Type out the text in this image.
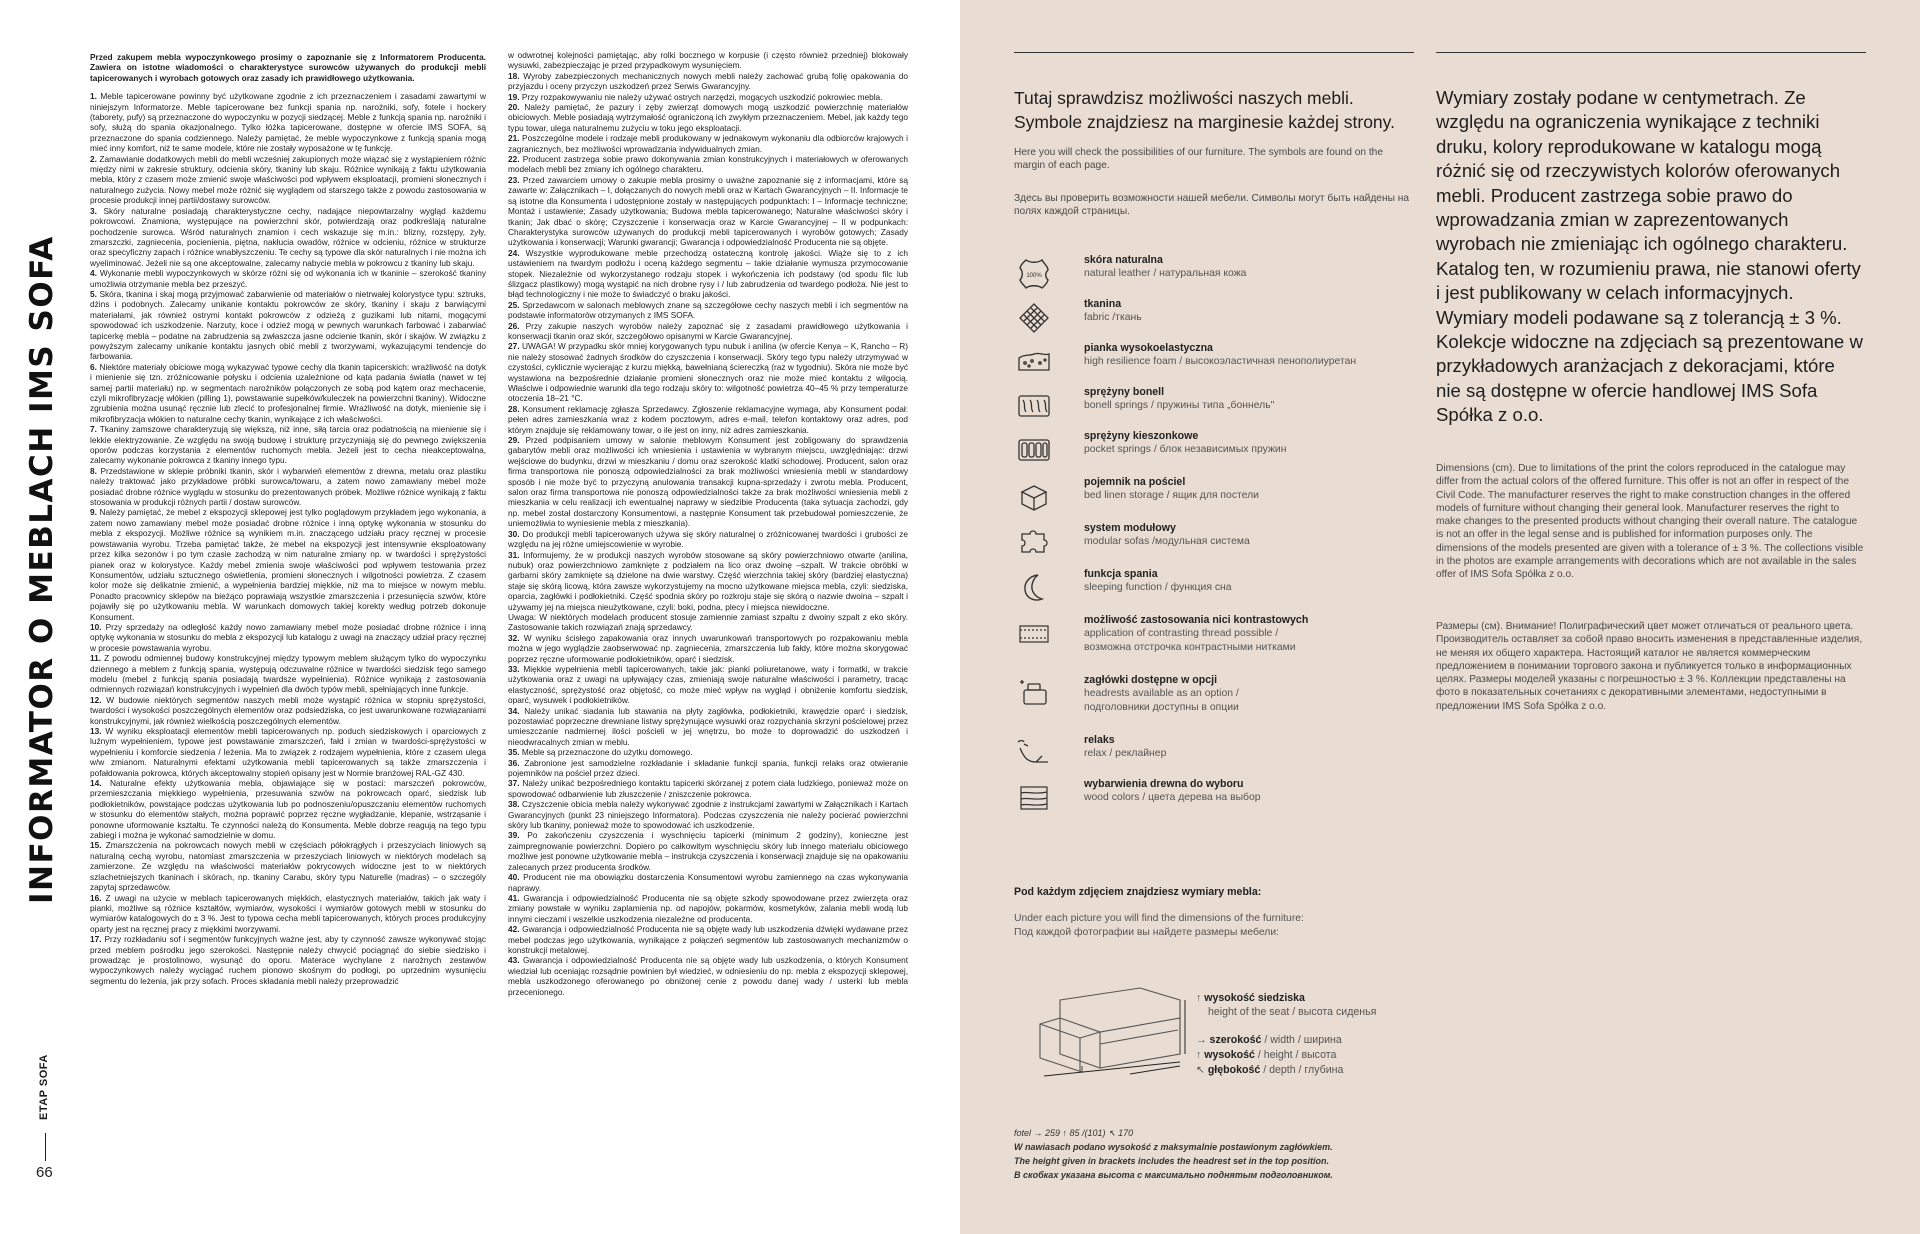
INFORMATOR O MEBLACH IMS SOFA
ETAP SOFA
66

Przed zakupem mebla wypoczynkowego prosimy o zapoznanie się z Informatorem Producenta. Zawiera on istotne wiadomości o charakterystyce surowców używanych do produkcji mebli tapicerowanych i wyrobach gotowych oraz zasady ich prawidłowego użytkowania.

1. Meble tapicerowane powinny być użytkowane zgodnie z ich przeznaczeniem i zasadami zawartymi w niniejszym Informatorze. Meble tapicerowane bez funkcji spania np. narożniki, sofy, fotele i hockery (taborety, pufy) są przeznaczone do wypoczynku w pozycji siedzącej. Meble z funkcją spania np. narożniki i sofy, służą do spania okazjonalnego. Tylko łóżka tapicerowane, dostępne w ofercie IMS SOFA, są przeznaczone do spania codziennego. Należy pamiętać, że meble wypoczynkowe z funkcją spania mogą mieć inny komfort, niż te same modele, które nie zostały wyposażone w tę funkcję.

2. Zamawianie dodatkowych mebli do mebli wcześniej zakupionych może wiązać się z wystąpieniem różnic między nimi w zakresie struktury, odcienia skóry, tkaniny lub skaju. Różnice wynikają z faktu użytkowania mebla, który z czasem może zmienić swoje właściwości pod wpływem eksploatacji, promieni słonecznych i naturalnego zużycia. Nowy mebel może różnić się wyglądem od starszego także z powodu zastosowania w procesie produkcji innej partii/dostawy surowców.

3. Skóry naturalne posiadają charakterystyczne cechy, nadające niepowtarzalny wygląd każdemu pokrowcowi. Znamiona, występujące na powierzchni skór, potwierdzają oraz podkreślają naturalne pochodzenie surowca. Wśród naturalnych znamion i cech wskazuje się m.in.: blizny, rozstępy, żyły, zmarszczki, zagniecenia, pocienienia, piętna, nakłucia owadów, różnice w odcieniu, różnice w strukturze oraz specyficzny zapach i różnice wnabłyszczeniu. Te cechy są typowe dla skór naturalnych i nie można ich wyeliminować. Jeżeli nie są one akceptowalne, zalecamy nabycie mebla w pokrowcu z tkaniny lub skaju.

4. Wykonanie mebli wypoczynkowych w skórze różni się od wykonania ich w tkaninie – szerokość tkaniny umożliwia otrzymanie mebla bez przeszyć.

5. Skóra, tkanina i skaj mogą przyjmować zabarwienie od materiałów o nietrwałej kolorystyce typu: sztruks, dżins i podobnych. Zalecamy unikanie kontaktu pokrowców ze skóry, tkaniny i skaju z barwiącymi materiałami, jak również ostrymi kontakt pokrowców z odzieżą z guzikami lub nitami, mogącymi spowodować ich uszkodzenie. Narzuty, koce i odzież mogą w pewnych warunkach farbować i zabarwiać tapicerkę mebla – podatne na zabrudzenia są zwłaszcza jasne odcienie tkanin, skór i skajów. W związku z powyższym zalecamy unikanie kontaktu jasnych obić mebli z tworzywami, wykazującymi tendencje do farbowania.

6. Niektóre materiały obiciowe mogą wykazywać typowe cechy dla tkanin tapicerskich: wrażliwość na dotyk i mienienie się tzn. zróżnicowanie połysku i odcienia uzależnione od kąta padania światła (nawet w tej samej partii materiału) np. w segmentach narożników połączonych ze sobą pod kątem oraz mechacenie, czyli mikrofibryzację włókien (pilling 1), powstawanie supełków/kuleczek na powierzchni tkaniny). Widoczne zgrubienia można usunąć ręcznie lub zlecić to profesjonalnej firmie. Wrażliwość na dotyk, mienienie się i mikrofibryzacja włókien to naturalne cechy tkanin, wynikające z ich właściwości.

7. Tkaniny zamszowe charakteryzują się większą, niż inne, siłą tarcia oraz podatnością na mienienie się i lekkie elektryzowanie. Ze względu na swoją budowę i strukturę przyczyniają się do pewnego zwiększenia oporów podczas korzystania z elementów ruchomych mebla. Jeżeli jest to cecha nieakceptowalna, zalecamy wykonanie pokrowca z tkaniny innego typu.

8. Przedstawione w sklepie próbniki tkanin, skór i wybarwień elementów z drewna, metalu oraz plastiku należy traktować jako przykładowe próbki surowca/towaru, a zatem nowo zamawiany mebel może posiadać drobne różnice wyglądu w stosunku do prezentowanych próbek. Możliwe różnice wynikają z faktu stosowania w produkcji różnych partii / dostaw surowców.

9. Należy pamiętać, że mebel z ekspozycji sklepowej jest tylko poglądowym przykładem jego wykonania, a zatem nowo zamawiany mebel może posiadać drobne różnice i inną optykę wykonania w stosunku do mebla z ekspozycji. Możliwe różnice są wynikiem m.in. znaczącego udziału pracy ręcznej w procesie powstawania wyrobu. Trzeba pamiętać także, że mebel na ekspozycji jest intensywnie eksploatowany przez kilka sezonów i po tym czasie zachodzą w nim naturalne zmiany np. w twardości i sprężystości pianek oraz w kolorystyce. Każdy mebel zmienia swoje właściwości pod wpływem testowania przez Konsumentów, udziału sztucznego oświetlenia, promieni słonecznych i wilgotności powietrza. Z czasem kolor może się delikatnie zmienić, a wypełnienia bardziej miękkie, niż ma to miejsce w nowym meblu. Ponadto pracownicy sklepów na bieżąco poprawiają wszystkie zmarszczenia i przesunięcia szwów, które pojawiły się po użytkowaniu mebla. W warunkach domowych takiej korekty według potrzeb dokonuje Konsument.

10. Przy sprzedaży na odległość każdy nowo zamawiany mebel może posiadać drobne różnice i inną optykę wykonania w stosunku do mebla z ekspozycji lub katalogu z uwagi na znaczący udział pracy ręcznej w procesie powstawania wyrobu.

11. Z powodu odmiennej budowy konstrukcyjnej między typowym meblem służącym tylko do wypoczynku dziennego a meblem z funkcją spania, występują odczuwalne różnice w twardości siedzisk tego samego modelu (mebel z funkcją spania posiadają twardsze wypełnienia). Różnice wynikają z zastosowania odmiennych rozwiązań konstrukcyjnych i wypełnień dla dwóch typów mebli, spełniających inne funkcje.

12. W budowie niektórych segmentów naszych mebli może wystąpić różnica w stopniu sprężystości, twardości i wysokości poszczególnych elementów oraz podsiedziska, co jest uwarunkowane rozwiązaniami konstrukcyjnymi, jak również wielkością poszczególnych elementów.

13. W wyniku eksploatacji elementów mebli tapicerowanych np. poduch siedziskowych i oparciowych z luźnym wypełnieniem, typowe jest powstawanie zmarszczeń, fałd i zmian w twardości-sprężystości w wypełnieniu i komforcie siedzenia / leżenia. Ma to związek z rodzajem wypełnienia, które z czasem ulega w/w zmianom. Naturalnymi efektami użytkowania mebli tapicerowanych są także zmarszczenia i pofałdowania pokrowca, których akceptowalny stopień opisany jest w Normie branżowej RAL-GZ 430.

14. Naturalne efekty użytkowania mebla, objawiające się w postaci: marszczeń pokrowców, przemieszczania miękkiego wypełnienia, przesuwania szwów na pokrowcach oparć, siedzisk lub podłokietników, powstające podczas użytkowania lub po podnoszeniu/opuszczaniu elementów ruchomych w stosunku do elementów stałych, można poprawić poprzez ręczne wygładzanie, klepanie, wstrząsanie i ponowne uformowanie kształtu. Te czynności należą do Konsumenta. Meble dobrze reagują na tego typu zabiegi i można je wykonać samodzielnie w domu.

15. Zmarszczenia na pokrowcach nowych mebli w częściach półokrągłych i przeszyciach liniowych są naturalną cechą wyrobu, natomiast zmarszczenia w przeszyciach liniowych w niektórych modelach są zamierzone. Ze względu na właściwości materiałów pokrycowych widoczne jest to w niektórych szlachetniejszych tkaninach i skórach, np. tkaniny Carabu, skóry typu Naturelle (madras) – o szczególy zapytaj sprzedawców.

16. Z uwagi na użycie w meblach tapicerowanych miękkich, elastycznych materiałów, takich jak waty i pianki, możliwe są różnice kształtów, wymiarów, wysokości i wymiarów gotowych mebli w stosunku do wymiarów katalogowych do ± 3 %. Jest to typowa cecha mebli tapicerowanych, których proces produkcyjny oparty jest na ręcznej pracy z miękkimi tworzywami.

17. Przy rozkładaniu sof i segmentów funkcyjnych ważne jest, aby ty czynność zawsze wykonywać stojąc przed meblem pośrodku jego szerokości. Następnie należy chwycić pociągnąć do siebie siedzisko i prowadząc je prostolinowo, wysunąć do oporu. Materace wychylane z narożnych zestawów wypoczynkowych należy wyciągać ruchem pionowo skośnym do podłogi, po uprzednim wysunięciu segmentu do leżenia, jak przy sofach. Proces składania mebli należy przeprowadzić

w odwrotnej kolejności pamiętając, aby rolki bocznego w korpusie (i często również przedniej) blokowały wysuwki, zabezpieczając je przed przypadkowym wysunięciem.

18. Wyroby zabezpieczonych mechanicznych nowych mebli należy zachować grubą folię opakowania do przyjazdu i oceny przyczyn uszkodzeń przez Serwis Gwarancyjny.

19. Przy rozpakowywaniu nie należy używać ostrych narzędzi, mogących uszkodzić pokrowiec mebla.

20. Należy pamiętać, że pazury i zęby zwierząt domowych mogą uszkodzić powierzchnię materiałów obiciowych. Meble posiadają wytrzymałość ograniczoną ich zwykłym przeznaczeniem. Mebel, jak każdy tego typu towar, ulega naturalnemu zużyciu w toku jego eksploatacji.

21. Poszczególne modele i rodzaje mebli produkowany w jednakowym wykonaniu dla odbiorców krajowych i zagranicznych, bez możliwości wprowadzania indywidualnych zmian.

22. Producent zastrzega sobie prawo dokonywania zmian konstrukcyjnych i materiałowych w oferowanych modelach mebli bez zmiany ich ogólnego charakteru.

23. Przed zawarciem umowy o zakupie mebla prosimy o uważne zapoznanie się z informacjami, które są zawarte w: Załącznikach – I, dołączanych do nowych mebli oraz w Kartach Gwarancyjnych – II. Informacje te są istotne dla Konsumenta i udostępnione zostały w następujących podpunktach: I – Informacje techniczne; Montaż i ustawienie; Zasady użytkowania; Budowa mebla tapicerowanego; Naturalne właściwości skóry i tkanin; Jak dbać o skórę; Czyszczenie i konserwacja oraz w Karcie Gwarancyjnej – II w podpunkach: Charakterystyka surowców używanych do produkcji mebli tapicerowanych i wyrobów gotowych; Zasady użytkowania i konserwacji; Warunki gwarancji; Gwarancja i odpowiedzialność Producenta nie są objęte.

24. Wszystkie wyprodukowane meble przechodzą ostateczną kontrolę jakości. Wiąże się to z ich ustawieniem na twardym podłożu i oceną każdego segmentu – takie działanie wymusza przymocowanie stopek. Niezależnie od wykorzystanego rodzaju stopek i wykończenia ich podstawy (od spodu filc lub ślizgacz plastikowy) mogą wystąpić na nich drobne rysy i / lub zabrudzenia od twardego podłoża. Nie jest to błąd technologiczny i nie może to świadczyć o braku jakości.

25. Sprzedawcom w salonach meblowych znane są szczegółowe cechy naszych mebli i ich segmentów na podstawie informatorów otrzymanych z IMS SOFA.

26. Przy zakupie naszych wyrobów należy zapoznać się z zasadami prawidłowego użytkowania i konserwacji tkanin oraz skór, szczegółowo opisanymi w Karcie Gwarancyjnej.

27. UWAGA! W przypadku skór mniej korygowanych typu nubuk i anilina (w ofercie Kenya – K, Rancho – R) nie należy stosować żadnych środków do czyszczenia i konserwacji. Skóry tego typu należy utrzymywać w czystości, cyklicznie wycierając z kurzu miękką, bawełnianą ściereczką (raz w tygodniu). Skóra nie może być wystawiona na bezpośrednie działanie promieni słonecznych oraz nie może mieć kontaktu z wilgocią. Właściwe i odpowiednie warunki dla tego rodzaju skóry to: wilgotność powietrza 40–45 % przy temperaturze otoczenia 18–21 °C.

28. Konsument reklamację zgłasza Sprzedawcy. Zgłoszenie reklamacyjne wymaga, aby Konsument podał: pełen adres zamieszkania wraz z kodem pocztowym, adres e-mail, telefon kontaktowy oraz adres, pod którym znajduje się reklamowany towar, o ile jest on inny, niż adres zamieszkania.

29. Przed podpisaniem umowy w salonie meblowym Konsument jest zobligowany do sprawdzenia gabarytów mebli oraz możliwości ich wniesienia i ustawienia w wybranym miejscu, uwzględniając: drzwi wejściowe do budynku, drzwi w mieszkaniu / domu oraz szerokość klatki schodowej. Producent, salon oraz firma transportowa nie ponoszą odpowiedzialności za brak możliwości wniesienia mebli w standardowy sposób i nie może być to przyczyną anulowania transakcji kupna-sprzedaży i zwrotu mebla. Producent, salon oraz firma transportowa nie ponoszą odpowiedzialności także za brak możliwości wniesienia mebli z mieszkania w celu realizacji ich ewentualnej naprawy w siedzibie Producenta (taka sytuacja zachodzi, gdy np. mebel został dostarczony Konsumentowi, a następnie Konsument tak przebudował pomieszczenie, że uniemożliwia to wyniesienie mebla z mieszkania).

30. Do produkcji mebli tapicerowanych używa się skóry naturalnej o zróżnicowanej twardości i grubości ze względu na jej różne umiejscowienie w wyrobie.

31. Informujemy, że w produkcji naszych wyrobów stosowane są skóry powierzchniowo otwarte (anilina, nubuk) oraz powierzchniowo zamknięte z podziałem na lico oraz dwoinę –szpalt. W trakcie obróbki w garbarni skóry zamknięte są dzielone na dwie warstwy. Część wierzchnia takiej skóry (bardziej elastyczna) staje się skórą licową, która zawsze wykorzystujemy na mocno użytkowane miejsca mebla, czyli: siedziska, oparcia, zagłówki i podłokietniki. Część spodnia skóry po rozkroju staje się skórą o nazwie dwoina – szpalt i używamy jej na miejsca nieużytkowane, czyli: boki, podna, plecy i miejsca niewidoczne.

Uwaga: W niektórych modelach producent stosuje zamiennie zamiast szpaltu z dwoiny szpalt z eko skóry. Zastosowanie takich rozwiązań znają sprzedawcy.

32. W wyniku ścisłego zapakowania oraz innych uwarunkowań transportowych po rozpakowaniu mebla można w jego wyglądzie zaobserwować np. zagniecenia, zmarszczenia lub fałdy, które można skorygować poprzez ręczne uformowanie podłokietników, oparć i siedzisk.

33. Miękkie wypełnienia mebli tapicerowanych, takie jak: pianki poliuretanowe, waty i formatki, w trakcie użytkowania oraz z uwagi na upływający czas, zmieniają swoje naturalne właściwości i parametry, tracąc elastyczność, sprężystość oraz objętość, co może mieć wpływ na wygląd i obniżenie komfortu siedzisk, oparć, wysuwek i podłokietników.

34. Należy unikać siadania lub stawania na płyty zagłówka, podłokietniki, krawędzie oparć i siedzisk, pozostawiać poprzeczne drewniane listwy sprężynujące wysuwki oraz rozpychania skrzyni pościelowej przez umieszczanie nadmiernej ilości pościeli w jej wnętrzu, bo może to doprowadzić do uszkodzeń i nieodwracalnych zmian w meblu.

35. Meble są przeznaczone do użytku domowego.

36. Zabronione jest samodzielne rozkładanie i składanie funkcji spania, funkcji relaks oraz otwieranie pojemników na pościel przez dzieci.

37. Należy unikać bezpośredniego kontaktu tapicerki skórzanej z potem ciała ludzkiego, ponieważ może on spowodować odbarwienie lub złuszczenie / zniszczenie pokrowca.

38. Czyszczenie obicia mebla należy wykonywać zgodnie z instrukcjami zawartymi w Załącznikach i Kartach Gwarancyjnych (punkt 23 niniejszego Informatora). Podczas czyszczenia nie należy pocierać powierzchni skóry lub tkaniny, ponieważ może to spowodować ich uszkodzenie.

39. Po zakończeniu czyszczenia i wyschnięciu tapicerki (minimum 2 godziny), konieczne jest zaimpregnowanie powierzchni. Dopiero po całkowitym wyschnięciu skóry lub innego materiału obiciowego możliwe jest ponowne użytkowanie mebla – instrukcja czyszczenia i konserwacji znajduje się na opakowaniu zalecanych przez producenta środków.

40. Producent nie ma obowiązku dostarczenia Konsumentowi wyrobu zamiennego na czas wykonywania naprawy.

41. Gwarancja i odpowiedzialność Producenta nie są objęte szkody spowodowane przez zwierzęta oraz zmiany powstałe w wyniku zaplamienia np. od napojów, pokarmów, kosmetyków, zalania mebli wodą lub innymi cieczami i wszelkie uszkodzenia niezależne od producenta.

42. Gwarancja i odpowiedzialność Producenta nie są objęte wady lub uszkodzenia dźwięki wydawane przez mebel podczas jego użytkowania, wynikające z połączeń segmentów lub zastosowanych mechanizmów o konstrukcji metalowej.

43. Gwarancja i odpowiedzialność Producenta nie są objęte wady lub uszkodzenia, o których Konsument wiedział lub oceniając rozsądnie powinien był wiedzieć, w odniesieniu do np. mebla z ekspozycji sklepowej, mebla uszkodzonego oferowanego po obniżonej cenie z powodu danej wady / usterki lub mebla przecenionego.

Tutaj sprawdzisz możliwości naszych mebli. Symbole znajdziesz na marginesie każdej strony.
Here you will check the possibilities of our furniture. The symbols are found on the margin of each page.
Здесь вы проверить возможности нашей мебели. Символы могут быть найдены на полях каждой страницы.
100%
skóra naturalna
natural leather / натуральная кожа
tkanina
fabric /ткань
pianka wysokoelastyczna
high resilience foam / высокоэластичная пенополиуретан
sprężyny bonell
bonell springs / пружины типа „боннель"
sprężyny kieszonkowe
pocket springs / блок независимых пружин
pojemnik na pościel
bed linen storage / ящик для постели
system modułowy
modular sofas /модульная система
funkcja spania
sleeping function / функция сна
możliwość zastosowania nici kontrastowych
application of contrasting thread possible /
возможна отстрочка контрастными нитками
zagłówki dostępne w opcji
headrests available as an option /
подголовники доступны в опции
relaks
relax / реклайнер
wybarwienia drewna do wyboru
wood colors / цвета дерева на выбор
Pod każdym zdjęciem znajdziesz wymiary mebla:
Under each picture you will find the dimensions of the furniture:
Под каждой фотографии вы найдете размеры мебели:
↑ wysokość siedziska
height of the seat / высота сиденья
→ szerokość / width / ширина
↑ wysokość / height / высота
↖ głębokość / depth / глубина
fotel → 259 ↑ 85 /(101) ↖ 170
W nawiasach podano wysokość z maksymalnie postawionym zagłówkiem.
The height given in brackets includes the headrest set in the top position.
В скобках указана высота с максимально поднятым подголовником.
Wymiary zostały podane w centymetrach. Ze względu na ograniczenia wynikające z techniki druku, kolory reprodukowane w katalogu mogą różnić się od rzeczywistych kolorów oferowanych mebli. Producent zastrzega sobie prawo do wprowadzania zmian w zaprezentowanych wyrobach nie zmieniając ich ogólnego charakteru. Katalog ten, w rozumieniu prawa, nie stanowi oferty i jest publikowany w celach informacyjnych. Wymiary modeli podawane są z tolerancją ± 3 %. Kolekcje widoczne na zdjęciach są prezentowane w przykładowych aranżacjach z dekoracjami, które nie są dostępne w ofercie handlowej IMS Sofa Spółka z o.o.
Dimensions (cm). Due to limitations of the print the colors reproduced in the catalogue may differ from the actual colors of the offered furniture. This offer is not an offer in respect of the Civil Code. The manufacturer reserves the right to make construction changes in the offered models of furniture without changing their general look. Manufacturer reserves the right to make changes to the presented products without changing their overall nature. The catalogue is not an offer in the legal sense and is published for information purposes only. The dimensions of the models presented are given with a tolerance of ± 3 %. The collections visible in the photos are example arrangements with decorations which are not available in the sales offer of IMS Sofa Spółka z o.o.
Размеры (см). Внимание! Полиграфический цвет может отличаться от реального цвета. Производитель оставляет за собой право вносить изменения в представленные изделия, не меняя их общего характера. Настоящий каталог не является коммерческим предложением в понимании торгового закона и публикуется только в информационных целях. Размеры моделей указаны с погрешностью ± 3 %. Коллекции представлены на фото в показательных сочетаниях с декоративными элементами, недоступными в предложении IMS Sofa Spółka z o.o.
